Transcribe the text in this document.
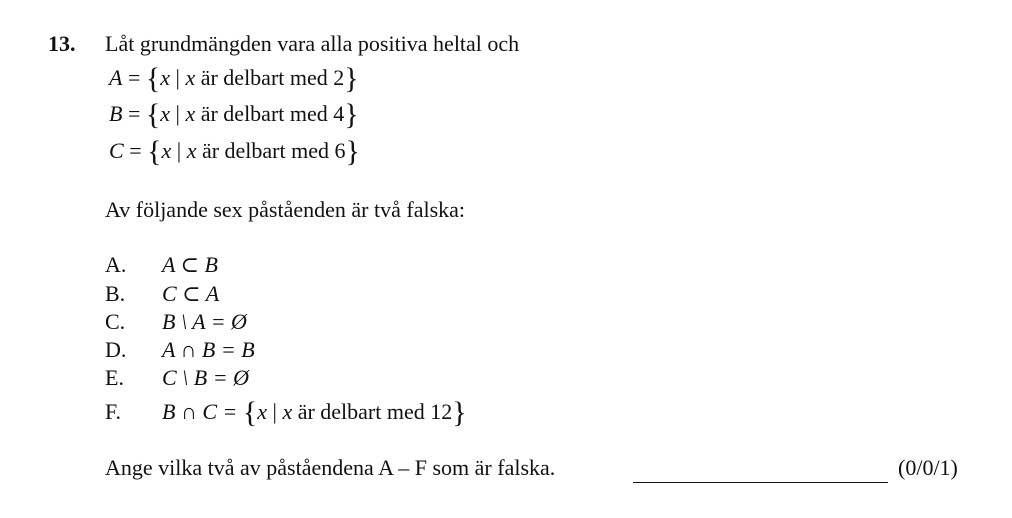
13. Låt grundmängden vara alla positiva heltal och
A = {x | x är delbart med 2}
B = {x | x är delbart med 4}
C = {x | x är delbart med 6}
Av följande sex påståenden är två falska:
A. A ⊂ B
B. C ⊂ A
C. B \ A = Ø
D. A ∩ B = B
E. C \ B = Ø
F. B ∩ C = {x | x är delbart med 12}
Ange vilka två av påståendena A – F som är falska.	(0/0/1)
